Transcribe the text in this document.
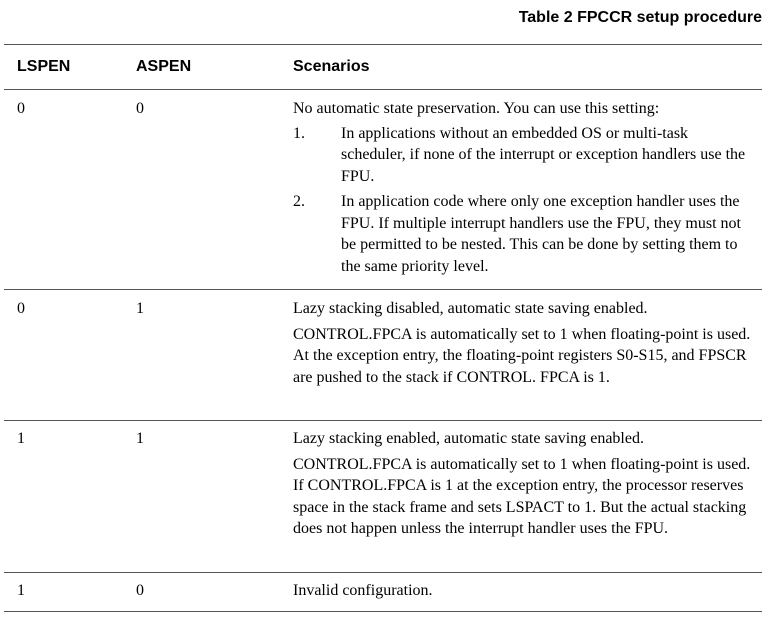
Table 2 FPCCR setup procedure
LSPEN	ASPEN	Scenarios
0	0	No automatic state preservation. You can use this setting:

1. In applications without an embedded OS or multi-task scheduler, if none of the interrupt or exception handlers use the FPU.
2. In application code where only one exception handler uses the FPU. If multiple interrupt handlers use the FPU, they must not be permitted to be nested. This can be done by setting them to the same priority level.
0	1	Lazy stacking disabled, automatic state saving enabled.

CONTROL.FPCA is automatically set to 1 when floating-point is used. At the exception entry, the floating-point registers S0-S15, and FPSCR are pushed to the stack if CONTROL. FPCA is 1.

1	1	Lazy stacking enabled, automatic state saving enabled.

CONTROL.FPCA is automatically set to 1 when floating-point is used. If CONTROL.FPCA is 1 at the exception entry, the processor reserves space in the stack frame and sets LSPACT to 1. But the actual stacking does not happen unless the interrupt handler uses the FPU.

1	0	Invalid configuration.
